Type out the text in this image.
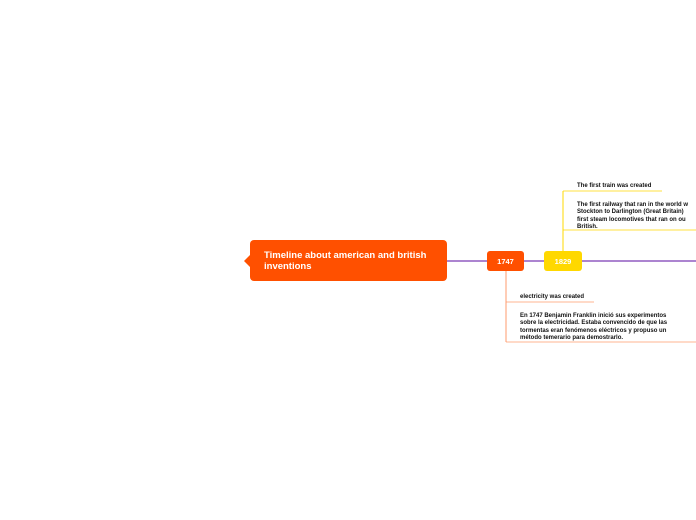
Timeline about american and british inventions	1747	1829
The first train was created
The first railway that ran in the world w
Stockton to Darlington (Great Britain)
first steam locomotives that ran on ou
British.
electricity was created
En 1747 Benjamin Franklin inició sus experimentos
sobre la electricidad. Estaba convencido de que las
tormentas eran fenómenos eléctricos y propuso un
método temerario para demostrarlo.
